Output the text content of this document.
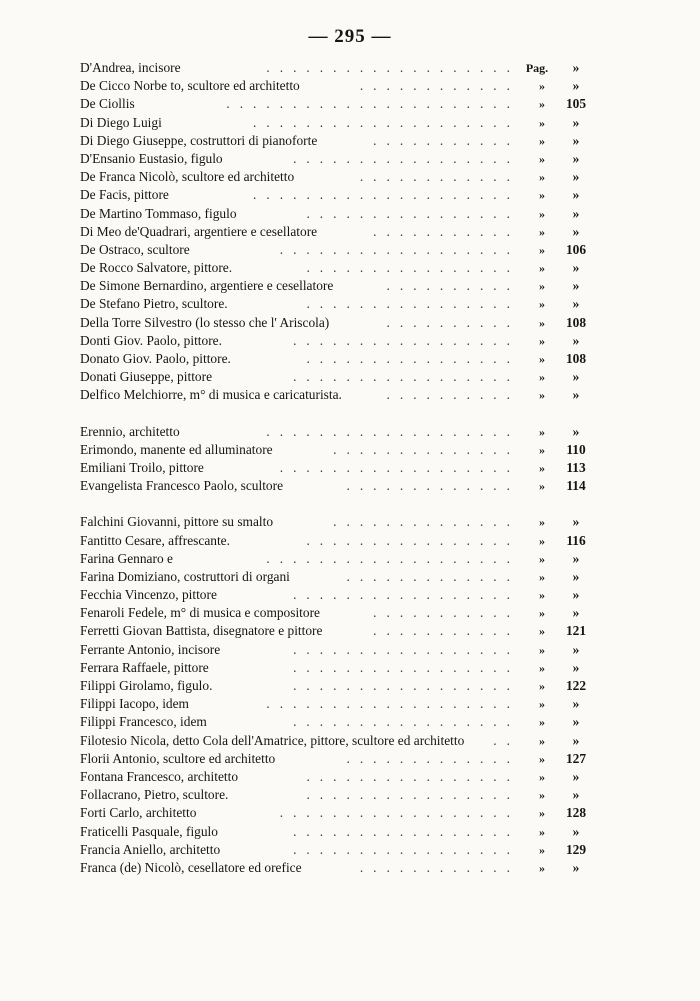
— 295 —
D'Andrea, incisore	Pag.	»
...................
De Cicco Norbe to, scultore ed architetto	»	»
............
De Ciollis	»	105
......................
Di Diego Luigi	»	»
....................
Di Diego Giuseppe, costruttori di pianoforte	»	»
...........
D'Ensanio Eustasio, figulo	»	»
.................
De Franca Nicolò, scultore ed architetto	»	»
............
De Facis, pittore	»	»
....................
De Martino Tommaso, figulo	»	»
................
Di Meo de'Quadrari, argentiere e cesellatore	»	»
...........
De Ostraco, scultore	»	106
..................
De Rocco Salvatore, pittore.	»	»
................
De Simone Bernardino, argentiere e cesellatore	»	»
..........
De Stefano Pietro, scultore.	»	»
................
Della Torre Silvestro (lo stesso che l' Ariscola)	»	108
..........
Donti Giov. Paolo, pittore.	»	»
.................
Donato Giov. Paolo, pittore.	»	108
................
Donati Giuseppe, pittore	»	»
.................
Delfico Melchiorre, m° di musica e caricaturista.	»	»
..........
Erennio, architetto	»	»
...................
Erimondo, manente ed alluminatore	»	110
..............
Emiliani Troilo, pittore	»	113
..................
Evangelista Francesco Paolo, scultore	»	114
.............
Falchini Giovanni, pittore su smalto	»	»
..............
Fantitto Cesare, affrescante.	»	116
................
Farina Gennaro e	»	»
...................
Farina Domiziano, costruttori di organi	»	»
.............
Fecchia Vincenzo, pittore	»	»
.................
Fenaroli Fedele, m° di musica e compositore	»	»
...........
Ferretti Giovan Battista, disegnatore e pittore	»	121
...........
Ferrante Antonio, incisore	»	»
.................
Ferrara Raffaele, pittore	»	»
.................
Filippi Girolamo, figulo.	»	122
.................
Filippi Iacopo, idem	»	»
...................
Filippi Francesco, idem	»	»
.................
Filotesio Nicola, detto Cola dell'Amatrice, pittore, scultore ed architetto	»	»
..
Florii Antonio, scultore ed architetto	»	127
.............
Fontana Francesco, architetto	»	»
................
Follacrano, Pietro, scultore.	»	»
................
Forti Carlo, architetto	»	128
..................
Fraticelli Pasquale, figulo	»	»
.................
Francia Aniello, architetto	»	129
.................
Franca (de) Nicolò, cesellatore ed orefice	»	»
............
